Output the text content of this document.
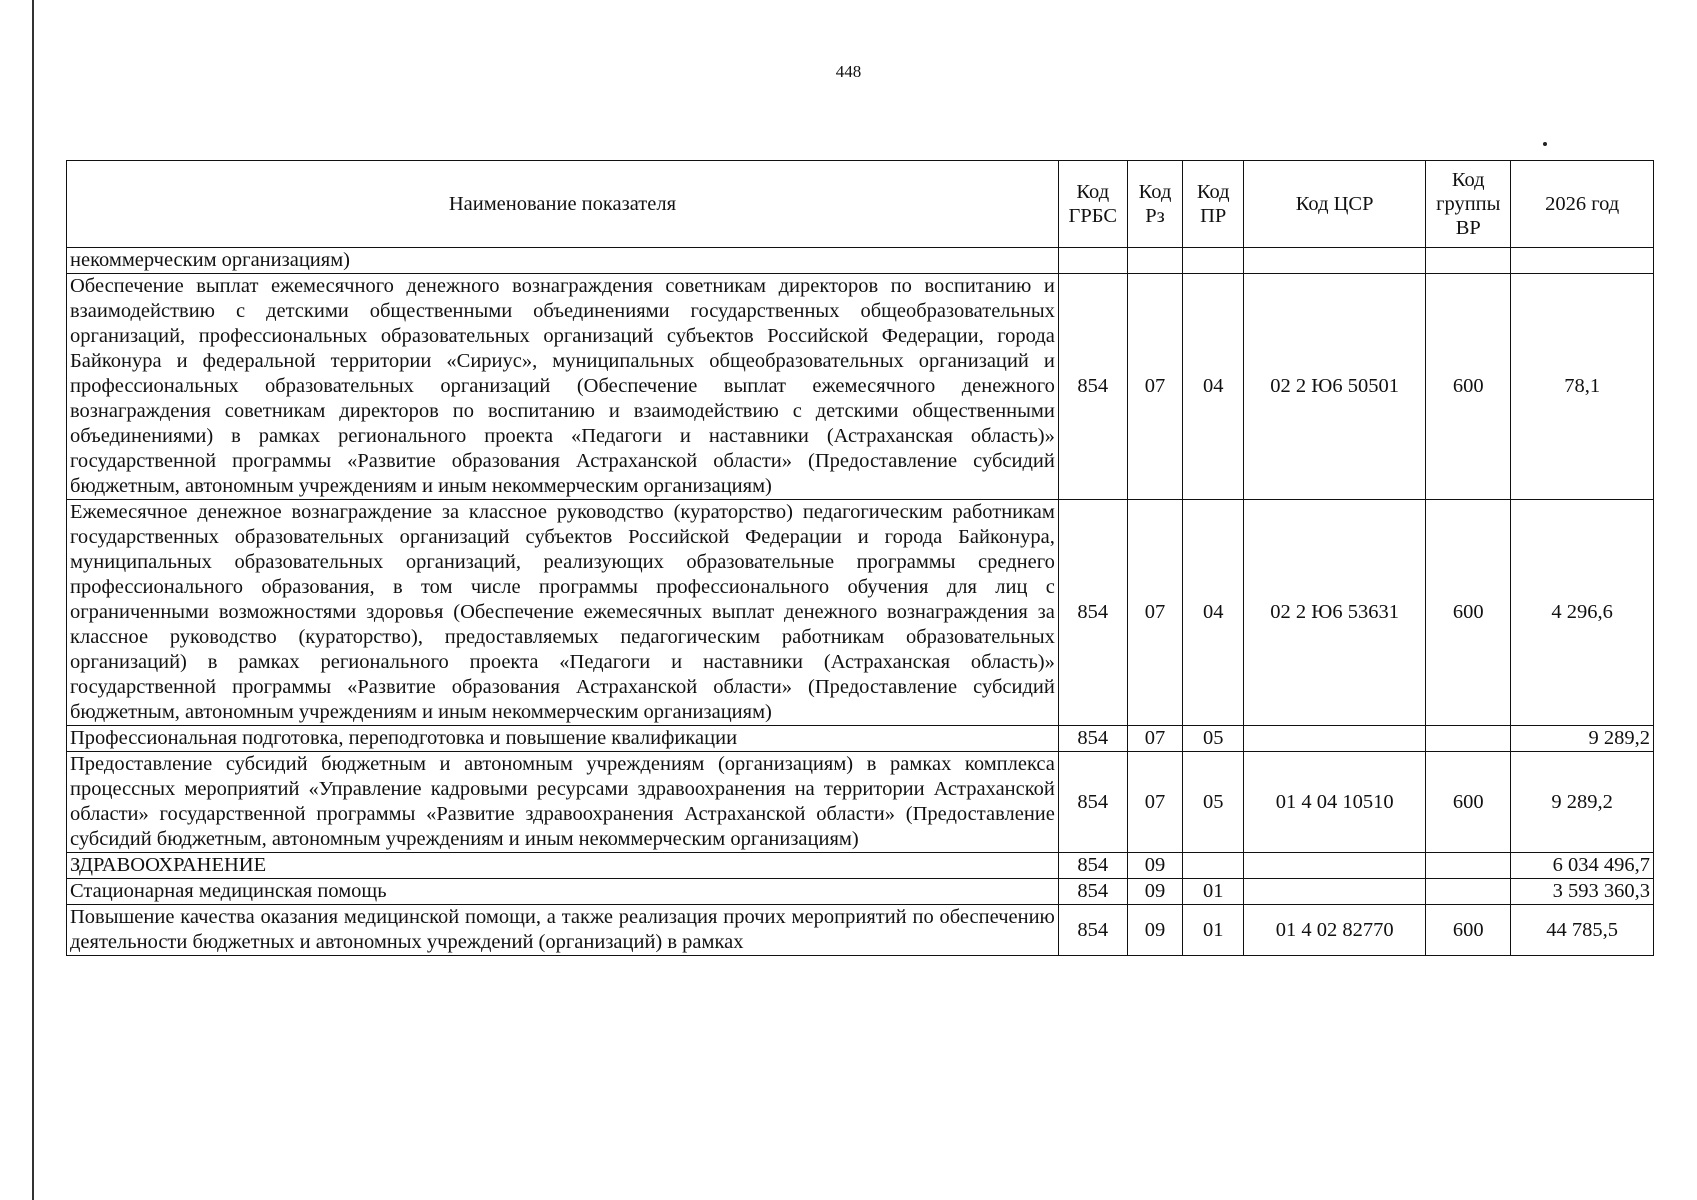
448
Наименование показателя	Код ГРБС	Код Рз	Код ПР	Код ЦСР	Код группы ВР	2026 год
некоммерческим организациям)						
Обеспечение выплат ежемесячного денежного вознаграждения советникам директоров по воспитанию и взаимодействию с детскими общественными объединениями государственных общеобразовательных организаций, профессиональных образовательных организаций субъектов Российской Федерации, города Байконура и федеральной территории «Сириус», муниципальных общеобразовательных организаций и профессиональных образовательных организаций (Обеспечение выплат ежемесячного денежного вознаграждения советникам директоров по воспитанию и взаимодействию с детскими общественными объединениями) в рамках регионального проекта «Педагоги и наставники (Астраханская область)» государственной программы «Развитие образования Астраханской области» (Предоставление субсидий бюджетным, автономным учреждениям и иным некоммерческим организациям)	854	07	04	02 2 Ю6 50501	600	78,1
Ежемесячное денежное вознаграждение за классное руководство (кураторство) педагогическим работникам государственных образовательных организаций субъектов Российской Федерации и города Байконура, муниципальных образовательных организаций, реализующих образовательные программы среднего профессионального образования, в том числе программы профессионального обучения для лиц с ограниченными возможностями здоровья (Обеспечение ежемесячных выплат денежного вознаграждения за классное руководство (кураторство), предоставляемых педагогическим работникам образовательных организаций) в рамках регионального проекта «Педагоги и наставники (Астраханская область)» государственной программы «Развитие образования Астраханской области» (Предоставление субсидий бюджетным, автономным учреждениям и иным некоммерческим организациям)	854	07	04	02 2 Ю6 53631	600	4 296,6
Профессиональная подготовка, переподготовка и повышение квалификации	854	07	05			9 289,2
Предоставление субсидий бюджетным и автономным учреждениям (организациям) в рамках комплекса процессных мероприятий «Управление кадровыми ресурсами здравоохранения на территории Астраханской области» государственной программы «Развитие здравоохранения Астраханской области» (Предоставление субсидий бюджетным, автономным учреждениям и иным некоммерческим организациям)	854	07	05	01 4 04 10510	600	9 289,2
ЗДРАВООХРАНЕНИЕ	854	09				6 034 496,7
Стационарная медицинская помощь	854	09	01			3 593 360,3
Повышение качества оказания медицинской помощи, а также реализация прочих мероприятий по обеспечению деятельности бюджетных и автономных учреждений (организаций) в рамках	854	09	01	01 4 02 82770	600	44 785,5
